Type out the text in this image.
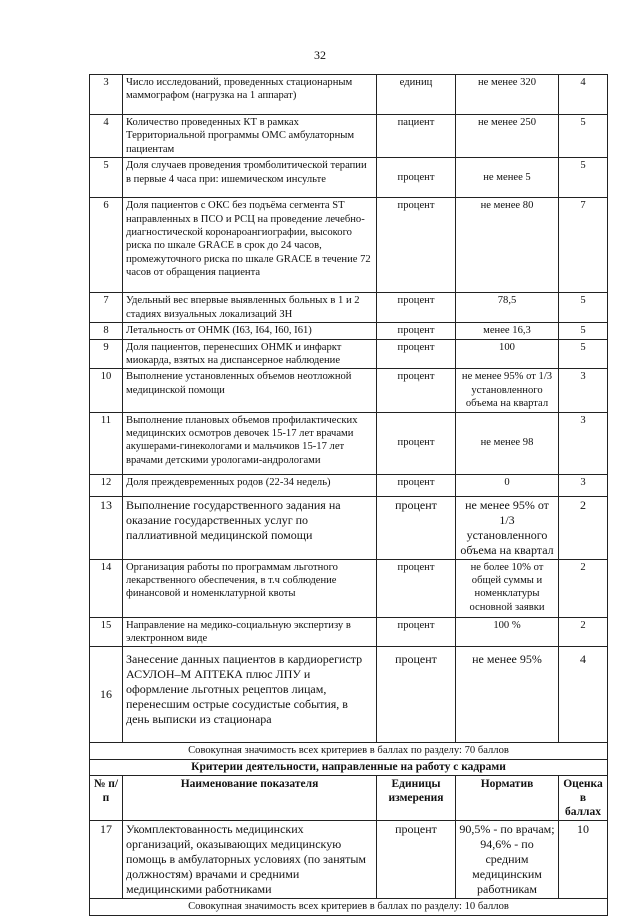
32
3	Число исследований, проведенных стационарным маммографом (нагрузка на 1 аппарат)	единиц	не менее 320	4
4	Количество проведенных КТ в рамках Территориальной программы ОМС амбулаторным пациентам	пациент	не менее 250	5
5	Доля случаев проведения тромболитической терапии в первые 4 часа при: ишемическом инсульте	процент	не менее 5	5
6	Доля пациентов с ОКС без подъёма сегмента ST направленных в ПСО и РСЦ на проведение лечебно-диагностической коронароангиографии, высокого риска по шкале GRACE в срок до 24 часов, промежуточного риска по шкале GRACE в течение 72 часов от обращения пациента	процент	не менее 80	7
7	Удельный вес впервые выявленных больных в 1 и 2 стадиях визуальных локализаций ЗН	процент	78,5	5
8	Летальность от ОНМК (I63, I64, I60, I61)	процент	менее 16,3	5
9	Доля пациентов, перенесших ОНМК и инфаркт миокарда, взятых на диспансерное наблюдение	процент	100	5
10	Выполнение установленных объемов неотложной медицинской помощи	процент	не менее 95% от 1/3 установленного объема на квартал	3
11	Выполнение плановых объемов профилактических медицинских осмотров девочек 15-17 лет врачами акушерами-гинекологами и мальчиков 15-17 лет врачами детскими урологами-андрологами	процент	не менее 98	3
12	Доля преждевременных родов (22-34 недель)	процент	0	3
13	Выполнение государственного задания на оказание государственных услуг по паллиативной медицинской помощи	процент	не менее 95% от 1/3 установленного объема на квартал	2
14	Организация работы по программам льготного лекарственного обеспечения, в т.ч соблюдение финансовой и номенклатурной квоты	процент	не более 10% от общей суммы и номенклатуры основной заявки	2
15	Направление на медико-социальную экспертизу в электронном виде	процент	100 %	2
16	Занесение данных пациентов в кардиорегистр АСУЛОН–М АПТЕКА плюс ЛПУ и оформление льготных рецептов лицам, перенесшим острые сосудистые события, в день выписки из стационара	процент	не менее 95%	4
Совокупная значимость всех критериев в баллах по разделу: 70 баллов				
Критерии деятельности, направленные на работу с кадрами				
№ п/п	Наименование показателя	Единицы измерения	Норматив	Оценка в баллах
17	Укомплектованность медицинских организаций, оказывающих медицинскую помощь в амбулаторных условиях (по занятым должностям) врачами и средними медицинскими работниками	процент	90,5% - по врачам; 94,6% - по средним медицинским работникам	10
Совокупная значимость всех критериев в баллах по разделу: 10 баллов				
